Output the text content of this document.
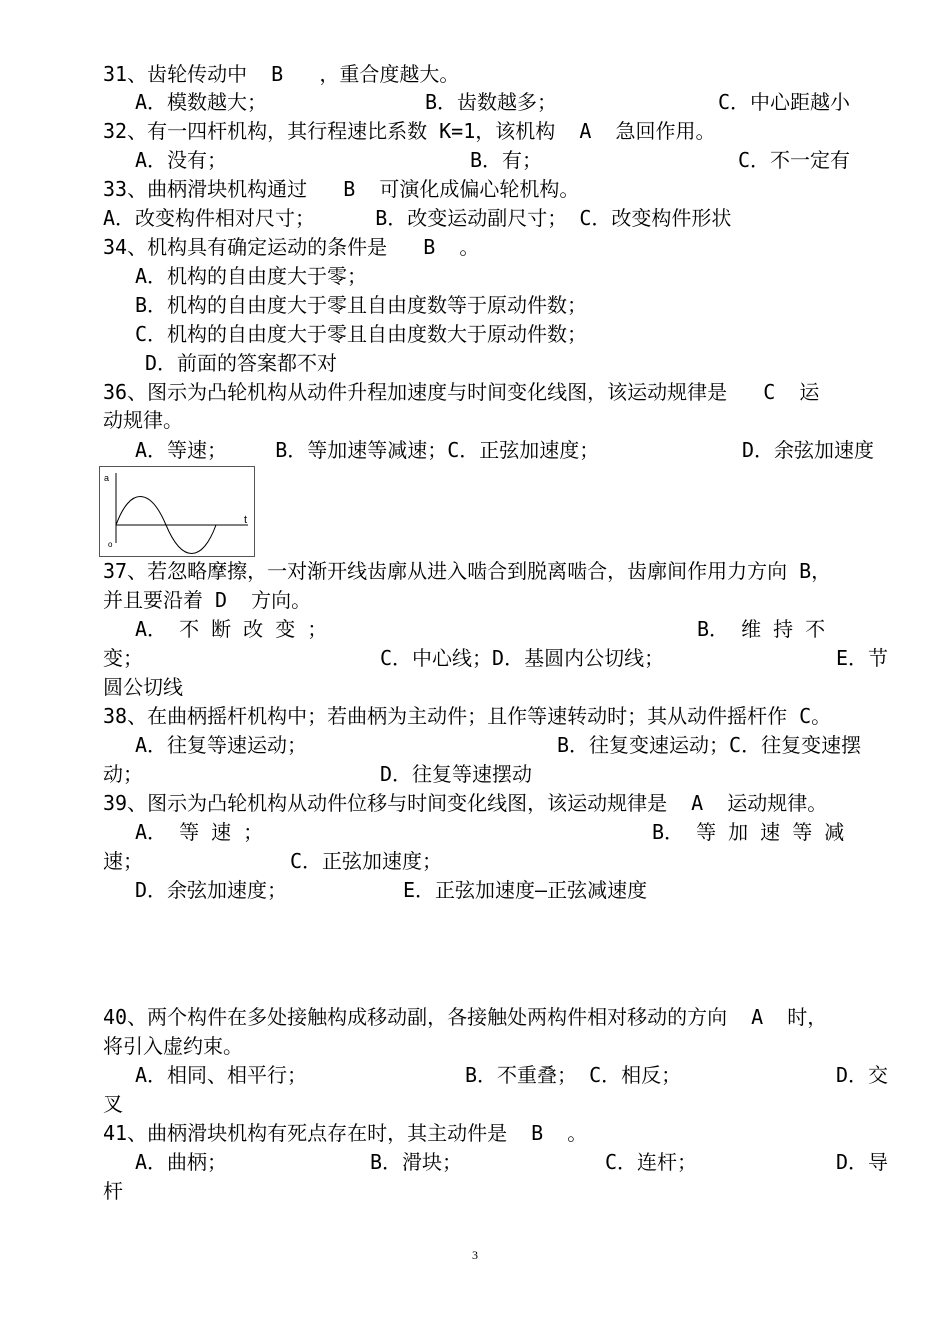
31、齿轮传动中  B   ，重合度越大。

A．模数越大；	B．齿数越多；	C．中心距越小

32、有一四杆机构，其行程速比系数 K=1，该机构  A  急回作用。

A．没有；	B．有；	C．不一定有

33、曲柄滑块机构通过   B  可演化成偏心轮机构。

A．改变构件相对尺寸；     B．改变运动副尺寸； C．改变构件形状

34、机构具有确定运动的条件是   B  。

A．机构的自由度大于零；

B．机构的自由度大于零且自由度数等于原动件数；

C．机构的自由度大于零且自由度数大于原动件数；

D．前面的答案都不对

36、图示为凸轮机构从动件升程加速度与时间变化线图，该运动规律是   C  运

动规律。

A．等速；    B．等加速等减速；C．正弦加速度；	D．余弦加速度

a
t
o

37、若忽略摩擦，一对渐开线齿廓从进入啮合到脱离啮合，齿廓间作用力方向 B，

并且要沿着 D  方向。

A． 不 断 改 变 ；	B． 维 持 不

变；	C．中心线；D．基圆内公切线；	E．节

圆公切线

38、在曲柄摇杆机构中；若曲柄为主动件；且作等速转动时；其从动件摇杆作 C。

A．往复等速运动；	B．往复变速运动；C．往复变速摆

动；	D．往复等速摆动

39、图示为凸轮机构从动件位移与时间变化线图，该运动规律是  A  运动规律。

A． 等 速 ；	B． 等 加 速 等 减

速；	C．正弦加速度；

D．余弦加速度；	E．正弦加速度—正弦减速度

40、两个构件在多处接触构成移动副，各接触处两构件相对移动的方向  A  时，

将引入虚约束。

A．相同、相平行；	B．不重叠； C．相反；	D．交

叉

41、曲柄滑块机构有死点存在时，其主动件是  B  。

A．曲柄；	B．滑块；	C．连杆；	D．导

杆

3
